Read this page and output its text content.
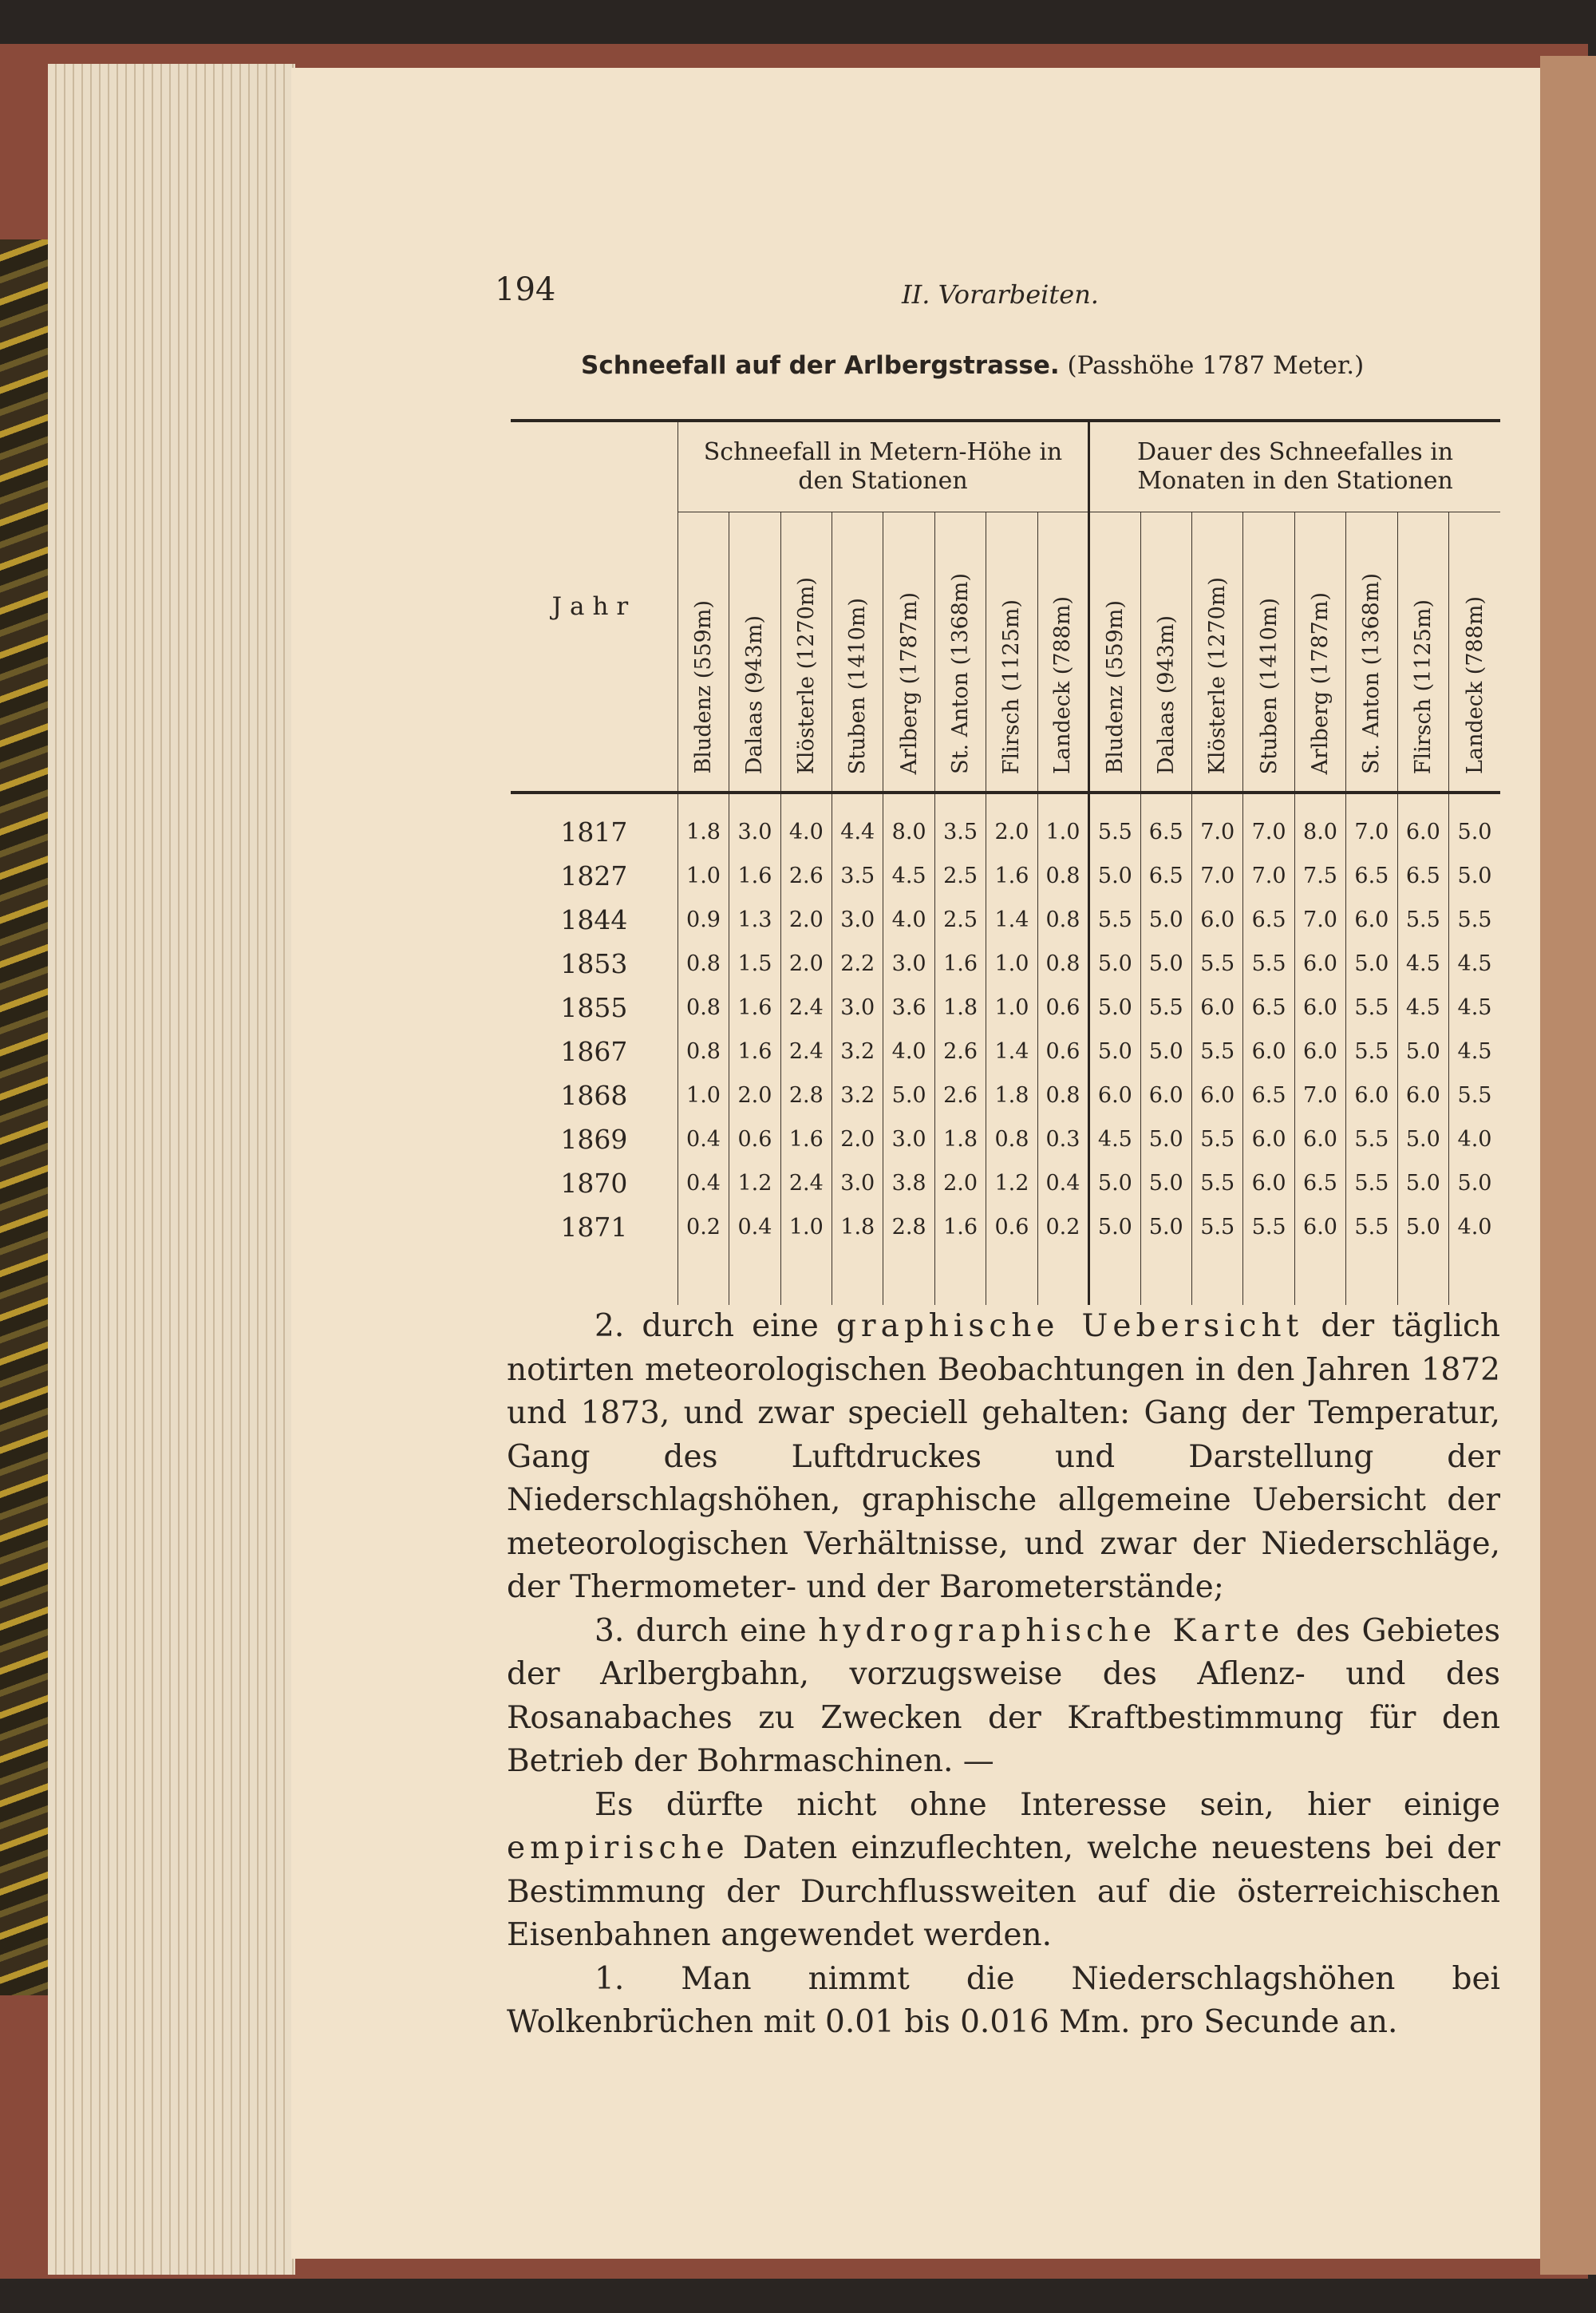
194	II. Vorarbeiten.
Schneefall auf der Arlbergstrasse. (Passhöhe 1787 Meter.)
Jahr	Schneefall in Metern-Höhe in den Stationen								Dauer des Schneefalles in Monaten in den Stationen							
	Bludenz (559m)	Dalaas (943m)	Klösterle (1270m)	Stuben (1410m)	Arlberg (1787m)	St. Anton (1368m)	Flirsch (1125m)	Landeck (788m)	Bludenz (559m)	Dalaas (943m)	Klösterle (1270m)	Stuben (1410m)	Arlberg (1787m)	St. Anton (1368m)	Flirsch (1125m)	Landeck (788m)
1817	1.8	3.0	4.0	4.4	8.0	3.5	2.0	1.0	5.5	6.5	7.0	7.0	8.0	7.0	6.0	5.0
1827	1.0	1.6	2.6	3.5	4.5	2.5	1.6	0.8	5.0	6.5	7.0	7.0	7.5	6.5	6.5	5.0
1844	0.9	1.3	2.0	3.0	4.0	2.5	1.4	0.8	5.5	5.0	6.0	6.5	7.0	6.0	5.5	5.5
1853	0.8	1.5	2.0	2.2	3.0	1.6	1.0	0.8	5.0	5.0	5.5	5.5	6.0	5.0	4.5	4.5
1855	0.8	1.6	2.4	3.0	3.6	1.8	1.0	0.6	5.0	5.5	6.0	6.5	6.0	5.5	4.5	4.5
1867	0.8	1.6	2.4	3.2	4.0	2.6	1.4	0.6	5.0	5.0	5.5	6.0	6.0	5.5	5.0	4.5
1868	1.0	2.0	2.8	3.2	5.0	2.6	1.8	0.8	6.0	6.0	6.0	6.5	7.0	6.0	6.0	5.5
1869	0.4	0.6	1.6	2.0	3.0	1.8	0.8	0.3	4.5	5.0	5.5	6.0	6.0	5.5	5.0	4.0
1870	0.4	1.2	2.4	3.0	3.8	2.0	1.2	0.4	5.0	5.0	5.5	6.0	6.5	5.5	5.0	5.0
1871	0.2	0.4	1.0	1.8	2.8	1.6	0.6	0.2	5.0	5.0	5.5	5.5	6.0	5.5	5.0	4.0

2. durch eine graphische Uebersicht der täglich notirten meteorologischen Beobachtungen in den Jahren 1872 und 1873, und zwar speciell gehalten: Gang der Temperatur, Gang des Luftdruckes und Darstellung der Niederschlagshöhen, graphische allgemeine Uebersicht der meteorologischen Verhältnisse, und zwar der Niederschläge, der Thermometer- und der Barometerstände;

3. durch eine hydrographische Karte des Gebietes der Arlbergbahn, vorzugsweise des Aflenz- und des Rosanabaches zu Zwecken der Kraftbestimmung für den Betrieb der Bohrmaschinen. —

Es dürfte nicht ohne Interesse sein, hier einige empirische Daten einzuflechten, welche neuestens bei der Bestimmung der Durchflussweiten auf die österreichischen Eisenbahnen angewendet werden.

1. Man nimmt die Niederschlagshöhen bei Wolkenbrüchen mit 0.01 bis 0.016 Mm. pro Secunde an.
